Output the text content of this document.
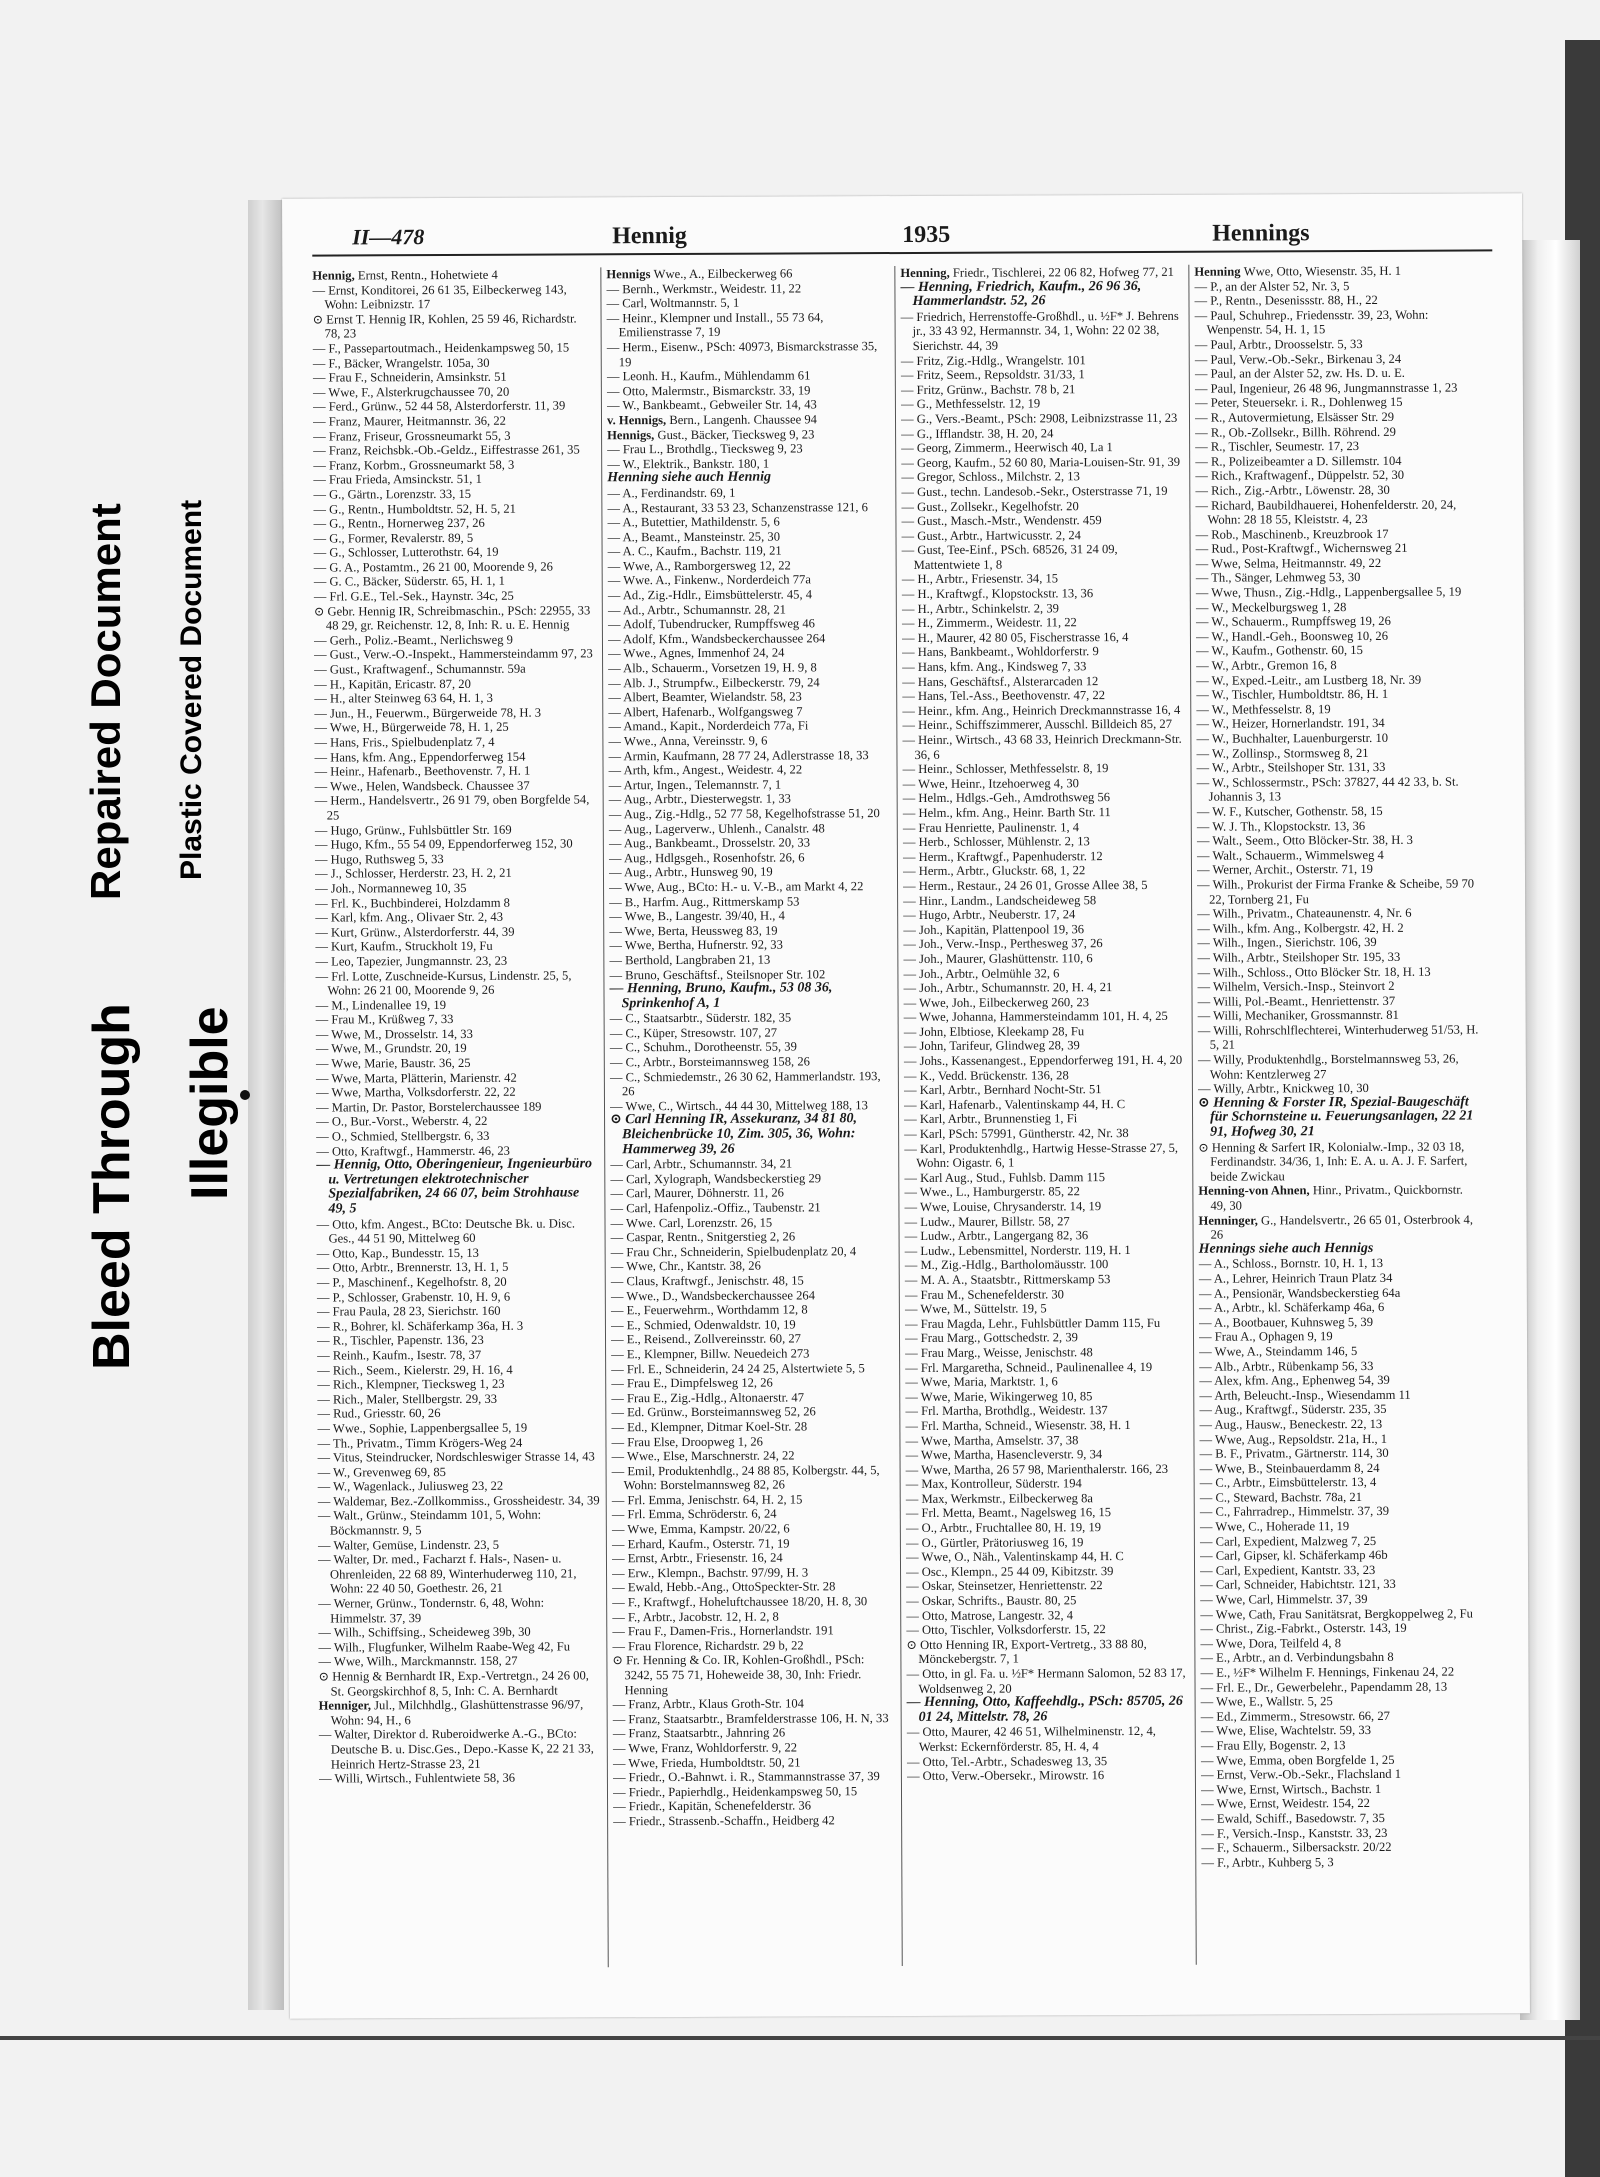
Bleed Through
Repaired Document Plastic Covered Document
Illegible
II—478	Hennig	1935	Hennings

Hennig, Ernst, Rentn., Hohetwiete 4

— Ernst, Konditorei, 26 61 35, Eilbeckerweg 143, Wohn: Leibnizstr. 17

⊙ Ernst T. Hennig IR, Kohlen, 25 59 46, Richardstr. 78, 23

— F., Passepartoutmach., Heidenkampsweg 50, 15

— F., Bäcker, Wrangelstr. 105a, 30

— Frau F., Schneiderin, Amsinkstr. 51

— Wwe, F., Alsterkrugchaussee 70, 20

— Ferd., Grünw., 52 44 58, Alsterdorferstr. 11, 39

— Franz, Maurer, Heitmannstr. 36, 22

— Franz, Friseur, Grossneumarkt 55, 3

— Franz, Reichsbk.-Ob.-Geldz., Eiffestrasse 261, 35

— Franz, Korbm., Grossneumarkt 58, 3

— Frau Frieda, Amsinckstr. 51, 1

— G., Gärtn., Lorenzstr. 33, 15

— G., Rentn., Humboldtstr. 52, H. 5, 21

— G., Rentn., Hornerweg 237, 26

— G., Former, Revalerstr. 89, 5

— G., Schlosser, Lutterothstr. 64, 19

— G. A., Postamtm., 26 21 00, Moorende 9, 26

— G. C., Bäcker, Süderstr. 65, H. 1, 1

— Frl. G.E., Tel.-Sek., Haynstr. 34c, 25

⊙ Gebr. Hennig IR, Schreibmaschin., PSch: 22955, 33 48 29, gr. Reichenstr. 12, 8, Inh: R. u. E. Hennig

— Gerh., Poliz.-Beamt., Nerlichsweg 9

— Gust., Verw.-O.-Inspekt., Hammersteindamm 97, 23

— Gust., Kraftwagenf., Schumannstr. 59a

— H., Kapitän, Ericastr. 87, 20

— H., alter Steinweg 63 64, H. 1, 3

— Jun., H., Feuerwm., Bürgerweide 78, H. 3

— Wwe, H., Bürgerweide 78, H. 1, 25

— Hans, Fris., Spielbudenplatz 7, 4

— Hans, kfm. Ang., Eppendorferweg 154

— Heinr., Hafenarb., Beethovenstr. 7, H. 1

— Wwe., Helen, Wandsbeck. Chaussee 37

— Herm., Handelsvertr., 26 91 79, oben Borgfelde 54, 25

— Hugo, Grünw., Fuhlsbüttler Str. 169

— Hugo, Kfm., 55 54 09, Eppendorferweg 152, 30

— Hugo, Ruthsweg 5, 33

— J., Schlosser, Herderstr. 23, H. 2, 21

— Joh., Normanneweg 10, 35

— Frl. K., Buchbinderei, Holzdamm 8

— Karl, kfm. Ang., Olivaer Str. 2, 43

— Kurt, Grünw., Alsterdorferstr. 44, 39

— Kurt, Kaufm., Struckholt 19, Fu

— Leo, Tapezier, Jungmannstr. 23, 23

— Frl. Lotte, Zuschneide-Kursus, Lindenstr. 25, 5, Wohn: 26 21 00, Moorende 9, 26

— M., Lindenallee 19, 19

— Frau M., Krüßweg 7, 33

— Wwe, M., Drosselstr. 14, 33

— Wwe, M., Grundstr. 20, 19

— Wwe, Marie, Baustr. 36, 25

— Wwe, Marta, Plätterin, Marienstr. 42

— Wwe, Martha, Volksdorferstr. 22, 22

— Martin, Dr. Pastor, Borstelerchaussee 189

— O., Bur.-Vorst., Weberstr. 4, 22

— O., Schmied, Stellbergstr. 6, 33

— Otto, Kraftwgf., Hammerstr. 46, 23

— Hennig, Otto, Oberingenieur, Ingenieurbüro u. Vertretungen elektrotechnischer Spezialfabriken, 24 66 07, beim Strohhause 49, 5

— Otto, kfm. Angest., BCto: Deutsche Bk. u. Disc. Ges., 44 51 90, Mittelweg 60

— Otto, Kap., Bundesstr. 15, 13

— Otto, Arbtr., Brennerstr. 13, H. 1, 5

— P., Maschinenf., Kegelhofstr. 8, 20

— P., Schlosser, Grabenstr. 10, H. 9, 6

— Frau Paula, 28 23, Sierichstr. 160

— R., Bohrer, kl. Schäferkamp 36a, H. 3

— R., Tischler, Papenstr. 136, 23

— Reinh., Kaufm., Isestr. 78, 37

— Rich., Seem., Kielerstr. 29, H. 16, 4

— Rich., Klempner, Tiecksweg 1, 23

— Rich., Maler, Stellbergstr. 29, 33

— Rud., Griesstr. 60, 26

— Wwe., Sophie, Lappenbergsallee 5, 19

— Th., Privatm., Timm Krögers-Weg 24

— Vitus, Steindrucker, Nordschleswiger Strasse 14, 43

— W., Grevenweg 69, 85

— W., Wagenlack., Juliusweg 23, 22

— Waldemar, Bez.-Zollkommiss., Grossheidestr. 34, 39

— Walt., Grünw., Steindamm 101, 5, Wohn: Böckmannstr. 9, 5

— Walter, Gemüse, Lindenstr. 23, 5

— Walter, Dr. med., Facharzt f. Hals-, Nasen- u. Ohrenleiden, 22 68 89, Winterhuderweg 110, 21, Wohn: 22 40 50, Goethestr. 26, 21

— Werner, Grünw., Tondernstr. 6, 48, Wohn: Himmelstr. 37, 39

— Wilh., Schiffsing., Scheideweg 39b, 30

— Wilh., Flugfunker, Wilhelm Raabe-Weg 42, Fu

— Wwe, Wilh., Marckmannstr. 158, 27

⊙ Hennig & Bernhardt IR, Exp.-Vertretgn., 24 26 00, St. Georgskirchhof 8, 5, Inh: C. A. Bernhardt

Henniger, Jul., Milchhdlg., Glashüttenstrasse 96/97, Wohn: 94, H., 6

— Walter, Direktor d. Ruberoidwerke A.-G., BCto: Deutsche B. u. Disc.Ges., Depo.-Kasse K, 22 21 33, Heinrich Hertz-Strasse 23, 21

— Willi, Wirtsch., Fuhlentwiete 58, 36

Hennigs Wwe., A., Eilbeckerweg 66

— Bernh., Werkmstr., Weidestr. 11, 22

— Carl, Woltmannstr. 5, 1

— Heinr., Klempner und Install., 55 73 64, Emilienstrasse 7, 19

— Herm., Eisenw., PSch: 40973, Bismarckstrasse 35, 19

— Leonh. H., Kaufm., Mühlendamm 61

— Otto, Malermstr., Bismarckstr. 33, 19

— W., Bankbeamt., Gebweiler Str. 14, 43

v. Hennigs, Bern., Langenh. Chaussee 94

Hennigs, Gust., Bäcker, Tiecksweg 9, 23

— Frau L., Brothdlg., Tiecksweg 9, 23

— W., Elektrik., Bankstr. 180, 1

Henning siehe auch Hennig

— A., Ferdinandstr. 69, 1

— A., Restaurant, 33 53 23, Schanzenstrasse 121, 6

— A., Butettier, Mathildenstr. 5, 6

— A., Beamt., Mansteinstr. 25, 30

— A. C., Kaufm., Bachstr. 119, 21

— Wwe, A., Ramborgersweg 12, 22

— Wwe. A., Finkenw., Norderdeich 77a

— Ad., Zig.-Hdlr., Eimsbüttelerstr. 45, 4

— Ad., Arbtr., Schumannstr. 28, 21

— Adolf, Tubendrucker, Rumpffsweg 46

— Adolf, Kfm., Wandsbeckerchaussee 264

— Wwe., Agnes, Immenhof 24, 24

— Alb., Schauerm., Vorsetzen 19, H. 9, 8

— Alb. J., Strumpfw., Eilbeckerstr. 79, 24

— Albert, Beamter, Wielandstr. 58, 23

— Albert, Hafenarb., Wolfgangsweg 7

— Amand., Kapit., Norderdeich 77a, Fi

— Wwe., Anna, Vereinsstr. 9, 6

— Armin, Kaufmann, 28 77 24, Adlerstrasse 18, 33

— Arth, kfm., Angest., Weidestr. 4, 22

— Artur, Ingen., Telemannstr. 7, 1

— Aug., Arbtr., Diesterwegstr. 1, 33

— Aug., Zig.-Hdlg., 52 77 58, Kegelhofstrasse 51, 20

— Aug., Lagerverw., Uhlenh., Canalstr. 48

— Aug., Bankbeamt., Drosselstr. 20, 33

— Aug., Hdlgsgeh., Rosenhofstr. 26, 6

— Aug., Arbtr., Hunsweg 90, 19

— Wwe, Aug., BCto: H.- u. V.-B., am Markt 4, 22

— B., Harfm. Aug., Rittmerskamp 53

— Wwe, B., Langestr. 39/40, H., 4

— Wwe, Berta, Heussweg 83, 19

— Wwe, Bertha, Hufnerstr. 92, 33

— Berthold, Langbraben 21, 13

— Bruno, Geschäftsf., Steilsnoper Str. 102

— Henning, Bruno, Kaufm., 53 08 36, Sprinkenhof A, 1

— C., Staatsarbtr., Süderstr. 182, 35

— C., Küper, Stresowstr. 107, 27

— C., Schuhm., Dorotheenstr. 55, 39

— C., Arbtr., Borsteimannsweg 158, 26

— C., Schmiedemstr., 26 30 62, Hammerlandstr. 193, 26

— Wwe, C., Wirtsch., 44 44 30, Mittelweg 188, 13

⊙ Carl Henning IR, Assekuranz, 34 81 80, Bleichenbrücke 10, Zim. 305, 36, Wohn: Hammerweg 39, 26

— Carl, Arbtr., Schumannstr. 34, 21

— Carl, Xylograph, Wandsbeckerstieg 29

— Carl, Maurer, Döhnerstr. 11, 26

— Carl, Hafenpoliz.-Offiz., Taubenstr. 21

— Wwe. Carl, Lorenzstr. 26, 15

— Caspar, Rentn., Snitgerstieg 2, 26

— Frau Chr., Schneiderin, Spielbudenplatz 20, 4

— Wwe, Chr., Kantstr. 38, 26

— Claus, Kraftwgf., Jenischstr. 48, 15

— Wwe., D., Wandsbeckerchaussee 264

— E., Feuerwehrm., Worthdamm 12, 8

— E., Schmied, Odenwaldstr. 10, 19

— E., Reisend., Zollvereinsstr. 60, 27

— E., Klempner, Billw. Neuedeich 273

— Frl. E., Schneiderin, 24 24 25, Alstertwiete 5, 5

— Frau E., Dimpfelsweg 12, 26

— Frau E., Zig.-Hdlg., Altonaerstr. 47

— Ed. Grünw., Borsteimannsweg 52, 26

— Ed., Klempner, Ditmar Koel-Str. 28

— Frau Else, Droopweg 1, 26

— Wwe., Else, Marschnerstr. 24, 22

— Emil, Produktenhdlg., 24 88 85, Kolbergstr. 44, 5, Wohn: Borstelmannsweg 82, 26

— Frl. Emma, Jenischstr. 64, H. 2, 15

— Frl. Emma, Schröderstr. 6, 24

— Wwe, Emma, Kampstr. 20/22, 6

— Erhard, Kaufm., Osterstr. 71, 19

— Ernst, Arbtr., Friesenstr. 16, 24

— Erw., Klempn., Bachstr. 97/99, H. 3

— Ewald, Hebb.-Ang., OttoSpeckter-Str. 28

— F., Kraftwgf., Hoheluftchaussee 18/20, H. 8, 30

— F., Arbtr., Jacobstr. 12, H. 2, 8

— Frau F., Damen-Fris., Hornerlandstr. 191

— Frau Florence, Richardstr. 29 b, 22

⊙ Fr. Henning & Co. IR, Kohlen-Großhdl., PSch: 3242, 55 75 71, Hoheweide 38, 30, Inh: Friedr. Henning

— Franz, Arbtr., Klaus Groth-Str. 104

— Franz, Staatsarbtr., Bramfelderstrasse 106, H. N, 33

— Franz, Staatsarbtr., Jahnring 26

— Wwe, Franz, Wohldorferstr. 9, 22

— Wwe, Frieda, Humboldtstr. 50, 21

— Friedr., O.-Bahnwt. i. R., Stammannstrasse 37, 39

— Friedr., Papierhdlg., Heidenkampsweg 50, 15

— Friedr., Kapitän, Schenefelderstr. 36

— Friedr., Strassenb.-Schaffn., Heidberg 42

Henning, Friedr., Tischlerei, 22 06 82, Hofweg 77, 21

— Henning, Friedrich, Kaufm., 26 96 36, Hammerlandstr. 52, 26

— Friedrich, Herrenstoffe-Großhdl., u. ½F* J. Behrens jr., 33 43 92, Hermannstr. 34, 1, Wohn: 22 02 38, Sierichstr. 44, 39

— Fritz, Zig.-Hdlg., Wrangelstr. 101

— Fritz, Seem., Repsoldstr. 31/33, 1

— Fritz, Grünw., Bachstr. 78 b, 21

— G., Methfesselstr. 12, 19

— G., Vers.-Beamt., PSch: 2908, Leibnizstrasse 11, 23

— G., Ifflandstr. 38, H. 20, 24

— Georg, Zimmerm., Heerwisch 40, La 1

— Georg, Kaufm., 52 60 80, Maria-Louisen-Str. 91, 39

— Gregor, Schloss., Milchstr. 2, 13

— Gust., techn. Landesob.-Sekr., Osterstrasse 71, 19

— Gust., Zollsekr., Kegelhofstr. 20

— Gust., Masch.-Mstr., Wendenstr. 459

— Gust., Arbtr., Hartwicusstr. 2, 24

— Gust, Tee-Einf., PSch. 68526, 31 24 09, Mattentwiete 1, 8

— H., Arbtr., Friesenstr. 34, 15

— H., Kraftwgf., Klopstockstr. 13, 36

— H., Arbtr., Schinkelstr. 2, 39

— H., Zimmerm., Weidestr. 11, 22

— H., Maurer, 42 80 05, Fischerstrasse 16, 4

— Hans, Bankbeamt., Wohldorferstr. 9

— Hans, kfm. Ang., Kindsweg 7, 33

— Hans, Geschäftsf., Alsterarcaden 12

— Hans, Tel.-Ass., Beethovenstr. 47, 22

— Heinr., kfm. Ang., Heinrich Dreckmannstrasse 16, 4

— Heinr., Schiffszimmerer, Ausschl. Billdeich 85, 27

— Heinr., Wirtsch., 43 68 33, Heinrich Dreckmann-Str. 36, 6

— Heinr., Schlosser, Methfesselstr. 8, 19

— Wwe, Heinr., Itzehoerweg 4, 30

— Helm., Hdlgs.-Geh., Amdrothsweg 56

— Helm., kfm. Ang., Heinr. Barth Str. 11

— Frau Henriette, Paulinenstr. 1, 4

— Herb., Schlosser, Mühlenstr. 2, 13

— Herm., Kraftwgf., Papenhuderstr. 12

— Herm., Arbtr., Gluckstr. 68, 1, 22

— Herm., Restaur., 24 26 01, Grosse Allee 38, 5

— Hinr., Landm., Landscheideweg 58

— Hugo, Arbtr., Neuberstr. 17, 24

— Joh., Kapitän, Plattenpool 19, 36

— Joh., Verw.-Insp., Perthesweg 37, 26

— Joh., Maurer, Glashüttenstr. 110, 6

— Joh., Arbtr., Oelmühle 32, 6

— Joh., Arbtr., Schumannstr. 20, H. 4, 21

— Wwe, Joh., Eilbeckerweg 260, 23

— Wwe, Johanna, Hammersteindamm 101, H. 4, 25

— John, Elbtiose, Kleekamp 28, Fu

— John, Tarifeur, Glindweg 28, 39

— Johs., Kassenangest., Eppendorferweg 191, H. 4, 20

— K., Vedd. Brückenstr. 136, 28

— Karl, Arbtr., Bernhard Nocht-Str. 51

— Karl, Hafenarb., Valentinskamp 44, H. C

— Karl, Arbtr., Brunnenstieg 1, Fi

— Karl, PSch: 57991, Güntherstr. 42, Nr. 38

— Karl, Produktenhdlg., Hartwig Hesse-Strasse 27, 5, Wohn: Oigastr. 6, 1

— Karl Aug., Stud., Fuhlsb. Damm 115

— Wwe., L., Hamburgerstr. 85, 22

— Wwe, Louise, Chrysanderstr. 14, 19

— Ludw., Maurer, Billstr. 58, 27

— Ludw., Arbtr., Langergang 82, 36

— Ludw., Lebensmittel, Norderstr. 119, H. 1

— M., Zig.-Hdlg., Bartholomäusstr. 100

— M. A. A., Staatsbtr., Rittmerskamp 53

— Frau M., Schenefelderstr. 30

— Wwe, M., Süttelstr. 19, 5

— Frau Magda, Lehr., Fuhlsbüttler Damm 115, Fu

— Frau Marg., Gottschedstr. 2, 39

— Frau Marg., Weisse, Jenischstr. 48

— Frl. Margaretha, Schneid., Paulinenallee 4, 19

— Wwe, Maria, Marktstr. 1, 6

— Wwe, Marie, Wikingerweg 10, 85

— Frl. Martha, Brothdlg., Weidestr. 137

— Frl. Martha, Schneid., Wiesenstr. 38, H. 1

— Wwe, Martha, Amselstr. 37, 38

— Wwe, Martha, Hasencleverstr. 9, 34

— Wwe, Martha, 26 57 98, Marienthalerstr. 166, 23

— Max, Kontrolleur, Süderstr. 194

— Max, Werkmstr., Eilbeckerweg 8a

— Frl. Metta, Beamt., Nagelsweg 16, 15

— O., Arbtr., Fruchtallee 80, H. 19, 19

— O., Gürtler, Prätoriusweg 16, 19

— Wwe, O., Näh., Valentinskamp 44, H. C

— Osc., Klempn., 25 44 09, Kibitzstr. 39

— Oskar, Steinsetzer, Henriettenstr. 22

— Oskar, Schrifts., Baustr. 80, 25

— Otto, Matrose, Langestr. 32, 4

— Otto, Tischler, Volksdorferstr. 15, 22

⊙ Otto Henning IR, Export-Vertretg., 33 88 80, Mönckebergstr. 7, 1

— Otto, in gl. Fa. u. ½F* Hermann Salomon, 52 83 17, Woldsenweg 2, 20

— Henning, Otto, Kaffeehdlg., PSch: 85705, 26 01 24, Mittelstr. 78, 26

— Otto, Maurer, 42 46 51, Wilhelminenstr. 12, 4, Werkst: Eckernförderstr. 85, H. 4, 4

— Otto, Tel.-Arbtr., Schadesweg 13, 35

— Otto, Verw.-Obersekr., Mirowstr. 16

Henning Wwe, Otto, Wiesenstr. 35, H. 1

— P., an der Alster 52, Nr. 3, 5

— P., Rentn., Desenissstr. 88, H., 22

— Paul, Schuhrep., Friedensstr. 39, 23, Wohn: Wenpenstr. 54, H. 1, 15

— Paul, Arbtr., Droosselstr. 5, 33

— Paul, Verw.-Ob.-Sekr., Birkenau 3, 24

— Paul, an der Alster 52, zw. Hs. D. u. E.

— Paul, Ingenieur, 26 48 96, Jungmannstrasse 1, 23

— Peter, Steuersekr. i. R., Dohlenweg 15

— R., Autovermietung, Elsässer Str. 29

— R., Ob.-Zollsekr., Billh. Röhrend. 29

— R., Tischler, Seumestr. 17, 23

— R., Polizeibeamter a D. Sillemstr. 104

— Rich., Kraftwagenf., Düppelstr. 52, 30

— Rich., Zig.-Arbtr., Löwenstr. 28, 30

— Richard, Baubildhauerei, Hohenfelderstr. 20, 24, Wohn: 28 18 55, Kleiststr. 4, 23

— Rob., Maschinenb., Kreuzbrook 17

— Rud., Post-Kraftwgf., Wichernsweg 21

— Wwe, Selma, Heitmannstr. 49, 22

— Th., Sänger, Lehmweg 53, 30

— Wwe, Thusn., Zig.-Hdlg., Lappenbergsallee 5, 19

— W., Meckelburgsweg 1, 28

— W., Schauerm., Rumpffsweg 19, 26

— W., Handl.-Geh., Boonsweg 10, 26

— W., Kaufm., Gothenstr. 60, 15

— W., Arbtr., Gremon 16, 8

— W., Exped.-Leitr., am Lustberg 18, Nr. 39

— W., Tischler, Humboldtstr. 86, H. 1

— W., Methfesselstr. 8, 19

— W., Heizer, Hornerlandstr. 191, 34

— W., Buchhalter, Lauenburgerstr. 10

— W., Zollinsp., Stormsweg 8, 21

— W., Arbtr., Steilshoper Str. 131, 33

— W., Schlossermstr., PSch: 37827, 44 42 33, b. St. Johannis 3, 13

— W. F., Kutscher, Gothenstr. 58, 15

— W. J. Th., Klopstockstr. 13, 36

— Walt., Seem., Otto Blöcker-Str. 38, H. 3

— Walt., Schauerm., Wimmelsweg 4

— Werner, Archit., Osterstr. 71, 19

— Wilh., Prokurist der Firma Franke & Scheibe, 59 70 22, Tornberg 21, Fu

— Wilh., Privatm., Chateaunenstr. 4, Nr. 6

— Wilh., kfm. Ang., Kolbergstr. 42, H. 2

— Wilh., Ingen., Sierichstr. 106, 39

— Wilh., Arbtr., Steilshoper Str. 195, 33

— Wilh., Schloss., Otto Blöcker Str. 18, H. 13

— Wilhelm, Versich.-Insp., Steinvort 2

— Willi, Pol.-Beamt., Henriettenstr. 37

— Willi, Mechaniker, Grossmannstr. 81

— Willi, Rohrschlflechterei, Winterhuderweg 51/53, H. 5, 21

— Willy, Produktenhdlg., Borstelmannsweg 53, 26, Wohn: Kentzlerweg 27

— Willy, Arbtr., Knickweg 10, 30

⊙ Henning & Forster IR, Spezial-Baugeschäft für Schornsteine u. Feuerungsanlagen, 22 21 91, Hofweg 30, 21

⊙ Henning & Sarfert IR, Kolonialw.-Imp., 32 03 18, Ferdinandstr. 34/36, 1, Inh: E. A. u. A. J. F. Sarfert, beide Zwickau

Henning-von Ahnen, Hinr., Privatm., Quickbornstr. 49, 30

Henninger, G., Handelsvertr., 26 65 01, Osterbrook 4, 26

Hennings siehe auch Hennigs

— A., Schloss., Bornstr. 10, H. 1, 13

— A., Lehrer, Heinrich Traun Platz 34

— A., Pensionär, Wandsbeckerstieg 64a

— A., Arbtr., kl. Schäferkamp 46a, 6

— A., Bootbauer, Kuhnsweg 5, 39

— Frau A., Ophagen 9, 19

— Wwe, A., Steindamm 146, 5

— Alb., Arbtr., Rübenkamp 56, 33

— Alex, kfm. Ang., Ephenweg 54, 39

— Arth, Beleucht.-Insp., Wiesendamm 11

— Aug., Kraftwgf., Süderstr. 235, 35

— Aug., Hausw., Beneckestr. 22, 13

— Wwe, Aug., Repsoldstr. 21a, H., 1

— B. F., Privatm., Gärtnerstr. 114, 30

— Wwe, B., Steinbauerdamm 8, 24

— C., Arbtr., Eimsbüttelerstr. 13, 4

— C., Steward, Bachstr. 78a, 21

— C., Fahrradrep., Himmelstr. 37, 39

— Wwe, C., Hoherade 11, 19

— Carl, Expedient, Malzweg 7, 25

— Carl, Gipser, kl. Schäferkamp 46b

— Carl, Expedient, Kantstr. 33, 23

— Carl, Schneider, Habichtstr. 121, 33

— Wwe, Carl, Himmelstr. 37, 39

— Wwe, Cath, Frau Sanitätsrat, Bergkoppelweg 2, Fu

— Christ., Zig.-Fabrkt., Osterstr. 143, 19

— Wwe, Dora, Teilfeld 4, 8

— E., Arbtr., an d. Verbindungsbahn 8

— E., ½F* Wilhelm F. Hennings, Finkenau 24, 22

— Frl. E., Dr., Gewerbelehr., Papendamm 28, 13

— Wwe, E., Wallstr. 5, 25

— Ed., Zimmerm., Stresowstr. 66, 27

— Wwe, Elise, Wachtelstr. 59, 33

— Frau Elly, Bogenstr. 2, 13

— Wwe, Emma, oben Borgfelde 1, 25

— Ernst, Verw.-Ob.-Sekr., Flachsland 1

— Wwe, Ernst, Wirtsch., Bachstr. 1

— Wwe, Ernst, Weidestr. 154, 22

— Ewald, Schiff., Basedowstr. 7, 35

— F., Versich.-Insp., Kanststr. 33, 23

— F., Schauerm., Silbersackstr. 20/22

— F., Arbtr., Kuhberg 5, 3
